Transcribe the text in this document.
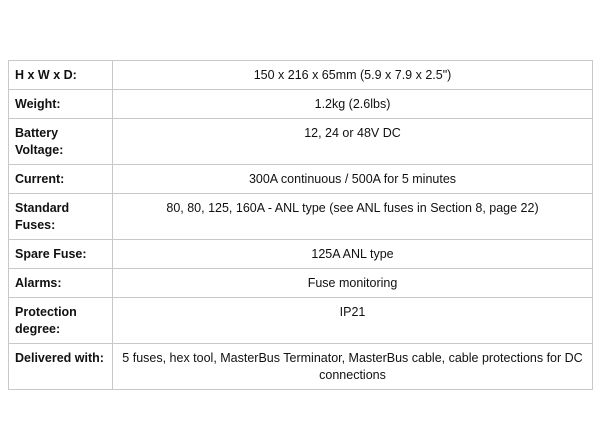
H x W x D:	150 x 216 x 65mm (5.9 x 7.9 x 2.5")
Weight:	1.2kg (2.6lbs)
Battery Voltage:	12, 24 or 48V DC
Current:	300A continuous / 500A for 5 minutes
Standard Fuses:	80, 80, 125, 160A - ANL type (see ANL fuses in Section 8, page 22)
Spare Fuse:	125A ANL type
Alarms:	Fuse monitoring
Protection degree:	IP21
Delivered with:	5 fuses, hex tool, MasterBus Terminator, MasterBus cable, cable protections for DC connections
